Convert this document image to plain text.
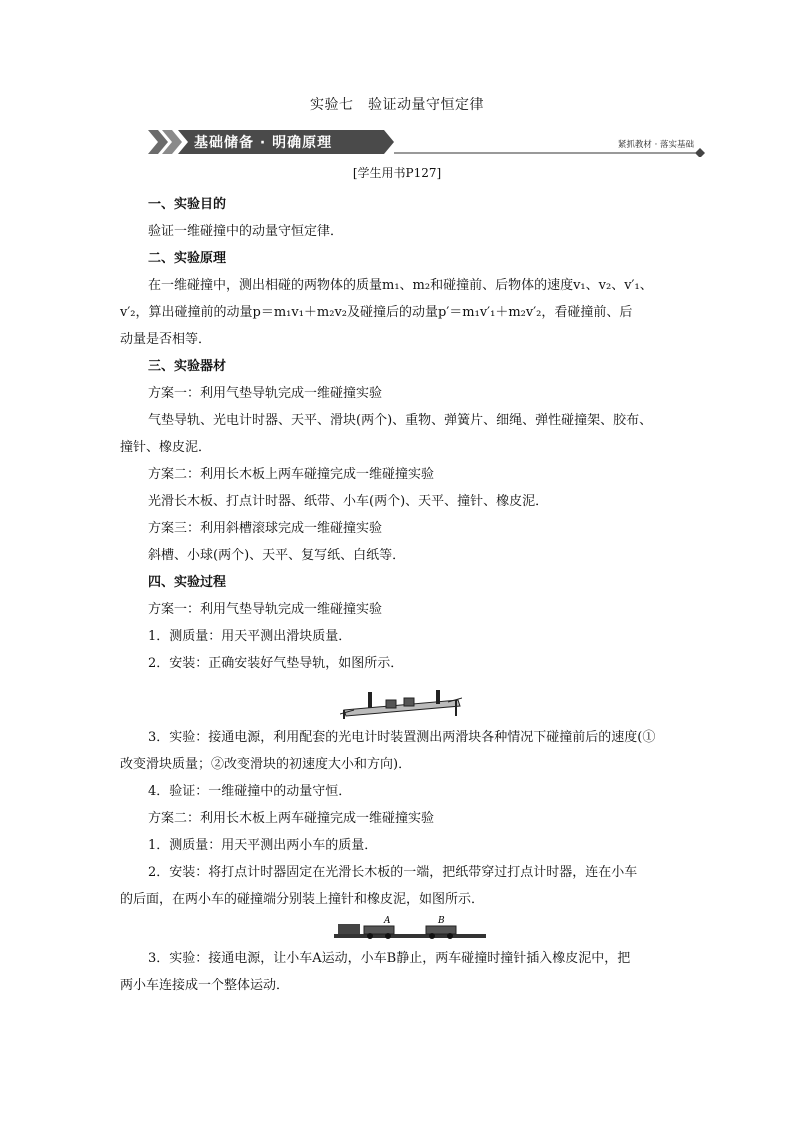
实验七　验证动量守恒定律
基础储备 · 明确原理	紧抓教材 · 落实基础
[学生用书P127]
一、实验目的
验证一维碰撞中的动量守恒定律．
二、实验原理
在一维碰撞中，测出相碰的两物体的质量m₁、m₂和碰撞前、后物体的速度v₁、v₂、v′₁、
v′₂，算出碰撞前的动量p＝m₁v₁＋m₂v₂及碰撞后的动量p′＝m₁v′₁＋m₂v′₂，看碰撞前、后
动量是否相等．
三、实验器材
方案一：利用气垫导轨完成一维碰撞实验
气垫导轨、光电计时器、天平、滑块(两个)、重物、弹簧片、细绳、弹性碰撞架、胶布、
撞针、橡皮泥．
方案二：利用长木板上两车碰撞完成一维碰撞实验
光滑长木板、打点计时器、纸带、小车(两个)、天平、撞针、橡皮泥．
方案三：利用斜槽滚球完成一维碰撞实验
斜槽、小球(两个)、天平、复写纸、白纸等．
四、实验过程
方案一：利用气垫导轨完成一维碰撞实验
1．测质量：用天平测出滑块质量．
2．安装：正确安装好气垫导轨，如图所示．
3．实验：接通电源，利用配套的光电计时装置测出两滑块各种情况下碰撞前后的速度(①
改变滑块质量；②改变滑块的初速度大小和方向)．
4．验证：一维碰撞中的动量守恒．
方案二：利用长木板上两车碰撞完成一维碰撞实验
1．测质量：用天平测出两小车的质量．
2．安装：将打点计时器固定在光滑长木板的一端，把纸带穿过打点计时器，连在小车
的后面，在两小车的碰撞端分别装上撞针和橡皮泥，如图所示．
A	B
3．实验：接通电源，让小车A运动，小车B静止，两车碰撞时撞针插入橡皮泥中，把
两小车连接成一个整体运动．
